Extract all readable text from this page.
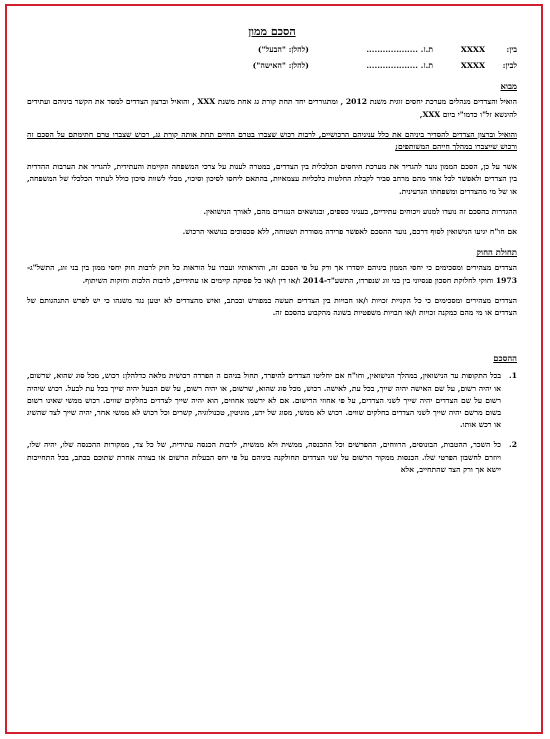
הסכם ממון
בין:
XXXX
ת.ז. ...................
(להלן: "הבעל")
לבין:
XXXX
ת.ז. ...................
(להלן: "האישה")
מבוא

הואיל והצדדים מנהלים מערכת יחסים זוגית משנת 2012 , ומתגוררים יחד תחת קורת גג אחת משנת XXX , והואיל וברצון הצדדים למסד את הקשר ביניהם ועתידים להינשא זל"ו כדמו"י ביום XXX,

והואיל וברצון הצדדים להסדיר ביניהם את כלל עניניהם הרכושיים, לרבות רכוש שצברו בטרם החיים תחת אותה קורת גג, רכוש שצברו טרם חתימתם על הסכם זה ורכוש שייצברו במהלך חייהם המשותפים;

אשר על כן, הסכם הממון נועד להגדיר את מערכת היחסים הכלכלית בין הצדדים, במטרה לענות על צרכי המשפחה הקיימת והעתידית, להגדיר את הערבות ההדדית בין הצדדים ולאפשר לכל אחד מהם מרחב סביר לקבלת החלטות כלכליות עצמאיות, בהתאם ליחסו לסיכון וסיכוי, מבלי לשוות סיכון כולל לעתיד הכלכלי של המשפחה, או של מי מהצדדים ומשפחתו הגרעינית.

ההגדרות בהסכם זה נועדו למנוע ויכוחים עתידיים, בעניני כספים, ובנושאים הנגזרים מהם, לאורך הנישואין.

אם חו"ח יגיעו הנישואין לסוף דרכם, נועד ההסכם לאפשר פרידה מסודרת ושטוחה, ללא סכסוכים בנושאי הרכוש.

תחולת החוק

הצדדים מצהירים ומסכימים כי יחסי הממון ביניהם יוסדרו אך ורק על פי הסכם זה, והוראותיו ועברו על הוראות כל חוק לרבות חוק יחסי ממון בין בני זוג, התשל"ג- 1973 וחוקי לחלוקת חסכון פנסיוני בין בני זוג שנפרדו, התשע"ד-2014 ו/או דין ו/או כל פסיקה קיימים או עתידיים, לרבות הלכות וחזקות השיתוף.

הצדדים מצהירים ומסכימים כי כל הקניית זכויות ו/או חבויות בין הצדדים תעשה במפורש ובכתב, ואיש מהצדדים לא יטען נגד משנהו כי יש לפרש התנהגותם של הצדדים או מי מהם כמקנה זכויות ו/או חבויות משפטיות בשונה מהקבוע בהסכם זה.

ההסכם
1.
בכל התקופות עד הנישואין, במהלך הנישואין, וחו"ח אם יחליטו הצדדים להיפרד, תחול בניהם ה הפרדה רכושית מלאה כדלהלן: רכוש, מכל סוג שהוא, שרשום, או יהיה רשום, על שם האישה יהיה שייך, בכל עת, לאישה. רכוש, מכל סוג שהוא, שרשום, או יהיה רשום, על שם הבעל יהיה שייך בכל עת לבעל. רכוש שיהיה רשום על שם הצדדים יהיה שייך לשני הצדדים, על פי אחוזי הרישום. אם לא ירשמו אחוזים, הוא יהיה שייך לצדדים בחלקים שווים. רכוש ממשי שאינו רשום בשום מרשם יהיה שייך לשני הצדדים בחלקים שווים. רכוש לא ממשי, מסוג של ידע, מוניטין, טכנולוגיה, קשרים וכל רכוש לא ממשי אחר, יהיה שייך לצד שהשיג או רכש אותו.
2.
כל השכר, ההטבות, הבונוסים, הרווחים, ההפרשים וכל ההכנסה, ממשית ולא ממשית, לרבות הכנסה עתידית, של כל צד, ממקורות ההכנסה שלו, יהיה שלו, ויוזרם לחשבון הפרטי שלו. הכנסות ממקור הרשום על שני הצדדים תחולקנה ביניהם על פי יחס הבעלות הרשום או בצורה אחרת שתוכם בכתב, בכל התחייבות יישא אך ורק הצד שהתחייב, אלא
